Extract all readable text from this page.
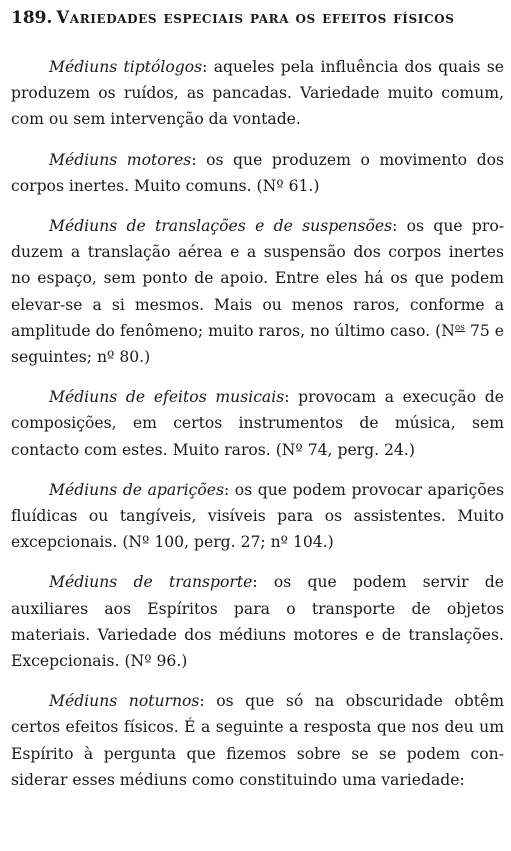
189. Variedades especiais para os efeitos físicos

Médiuns tiptólogos: aqueles pela influência dos quais se produzem os ruídos, as pancadas. Variedade muito comum, com ou sem intervenção da vontade.

Médiuns motores: os que produzem o movimento dos corpos inertes. Muito comuns. (Nº 61.)

Médiuns de translações e de suspensões: os que produzem a translação aérea e a suspensão dos corpos inertes no espaço, sem ponto de apoio. Entre eles há os que podem elevar-se a si mesmos. Mais ou menos raros, conforme a amplitude do fenômeno; muito raros, no último caso. ($N^{os}$ 75 e seguintes; nº 80.)

Médiuns de efeitos musicais: provocam a execução de composições, em certos instrumentos de música, sem contacto com estes. Muito raros. (Nº 74, perg. 24.)

Médiuns de aparições: os que podem provocar aparições fluídicas ou tangíveis, visíveis para os assistentes. Muito excepcionais. (Nº 100, perg. 27; nº 104.)

Médiuns de transporte: os que podem servir de auxiliares aos Espíritos para o transporte de objetos materiais. Variedade dos médiuns motores e de translações. Excepcionais. (Nº 96.)

Médiuns noturnos: os que só na obscuridade obtêm certos efeitos físicos. É a seguinte a resposta que nos deu um Espírito à pergunta que fizemos sobre se se podem considerar esses médiuns como constituindo uma variedade:
